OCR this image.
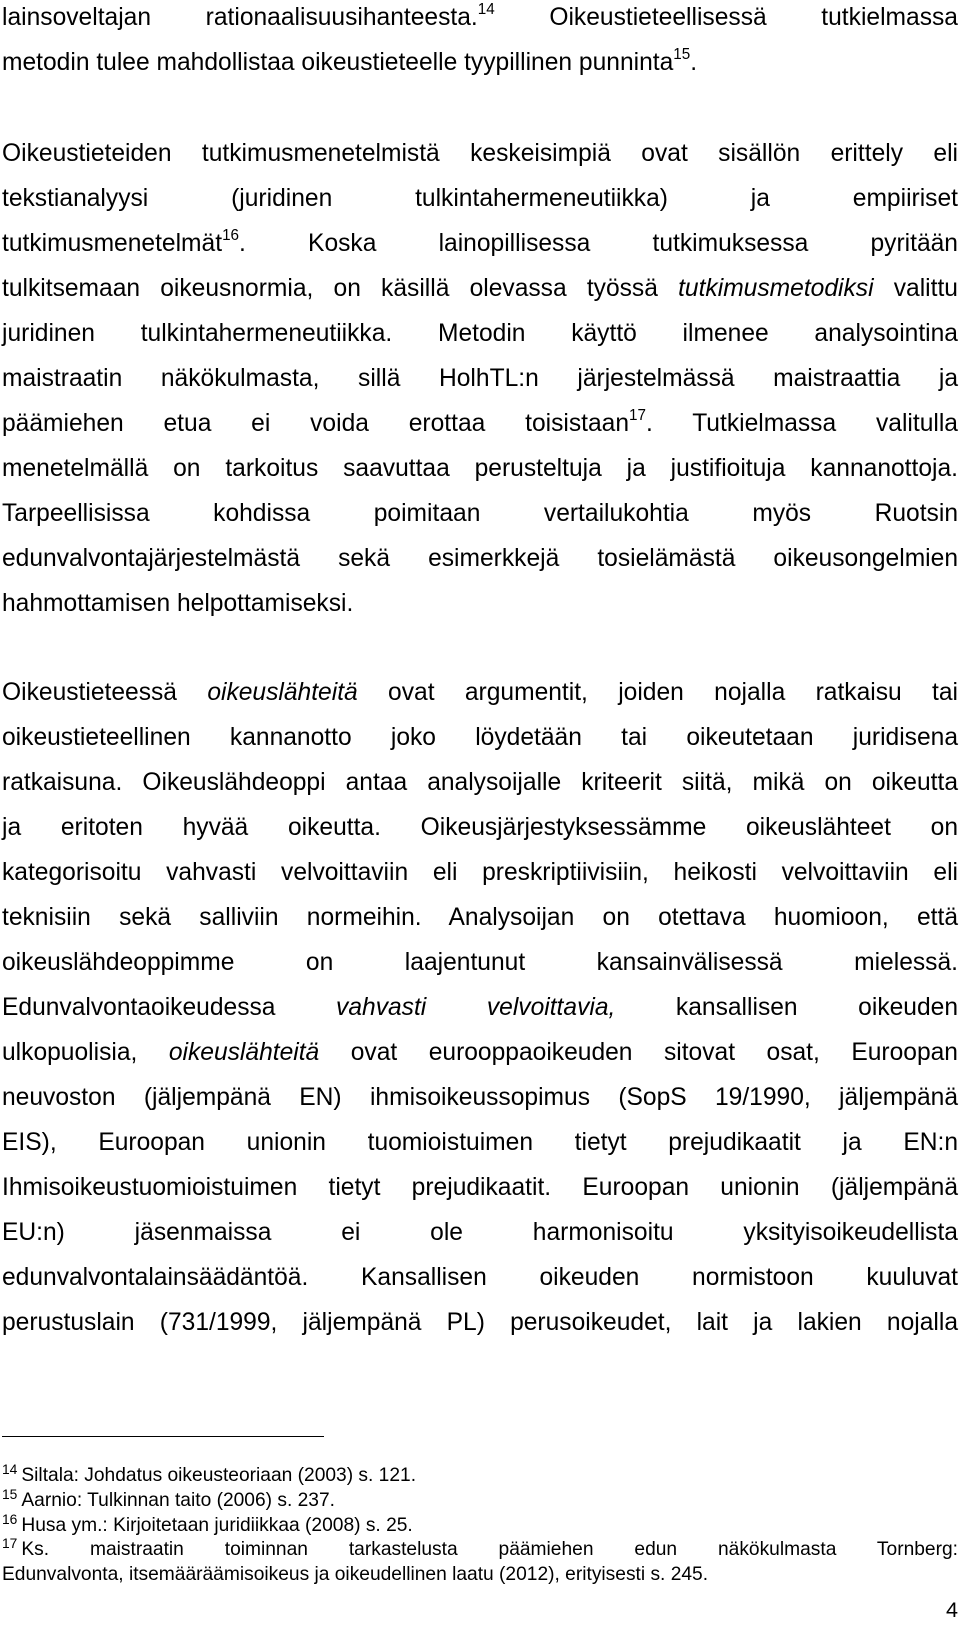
lainsoveltajan rationaalisuusihanteesta.$^{14}$ Oikeustieteellisessä tutkielmassa
metodin tulee mahdollistaa oikeustieteelle tyypillinen punninta$^{15}$.
Oikeustieteiden tutkimusmenetelmistä keskeisimpiä ovat sisällön erittely eli
tekstianalyysi (juridinen tulkintahermeneutiikka) ja empiiriset
tutkimusmenetelmät$^{16}$. Koska lainopillisessa tutkimuksessa pyritään
tulkitsemaan oikeusnormia, on käsillä olevassa työssä tutkimusmetodiksi valittu
juridinen tulkintahermeneutiikka. Metodin käyttö ilmenee analysointina
maistraatin näkökulmasta, sillä HolhTL:n järjestelmässä maistraattia ja
päämiehen etua ei voida erottaa toisistaan$^{17}$. Tutkielmassa valitulla
menetelmällä on tarkoitus saavuttaa perusteltuja ja justifioituja kannanottoja.
Tarpeellisissa kohdissa poimitaan vertailukohtia myös Ruotsin
edunvalvontajärjestelmästä sekä esimerkkejä tosielämästä oikeusongelmien
hahmottamisen helpottamiseksi.
Oikeustieteessä oikeuslähteitä ovat argumentit, joiden nojalla ratkaisu tai
oikeustieteellinen kannanotto joko löydetään tai oikeutetaan juridisena
ratkaisuna. Oikeuslähdeoppi antaa analysoijalle kriteerit siitä, mikä on oikeutta
ja eritoten hyvää oikeutta. Oikeusjärjestyksessämme oikeuslähteet on
kategorisoitu vahvasti velvoittaviin eli preskriptiivisiin, heikosti velvoittaviin eli
teknisiin sekä salliviin normeihin. Analysoijan on otettava huomioon, että
oikeuslähdeoppimme on laajentunut kansainvälisessä mielessä.
Edunvalvontaoikeudessa vahvasti velvoittavia, kansallisen oikeuden
ulkopuolisia, oikeuslähteitä ovat eurooppaoikeuden sitovat osat, Euroopan
neuvoston (jäljempänä EN) ihmisoikeussopimus (SopS 19/1990, jäljempänä
EIS), Euroopan unionin tuomioistuimen tietyt prejudikaatit ja EN:n
Ihmisoikeustuomioistuimen tietyt prejudikaatit. Euroopan unionin (jäljempänä
EU:n) jäsenmaissa ei ole harmonisoitu yksityisoikeudellista
edunvalvontalainsäädäntöä. Kansallisen oikeuden normistoon kuuluvat
perustuslain (731/1999, jäljempänä PL) perusoikeudet, lait ja lakien nojalla
$^{14}$ Siltala: Johdatus oikeusteoriaan (2003) s. 121.
$^{15}$ Aarnio: Tulkinnan taito (2006) s. 237.
$^{16}$ Husa ym.: Kirjoitetaan juridiikkaa (2008) s. 25.
$^{17}$ Ks. maistraatin toiminnan tarkastelusta päämiehen edun näkökulmasta Tornberg:
Edunvalvonta, itsemääräämisoikeus ja oikeudellinen laatu (2012), erityisesti s. 245.
4
